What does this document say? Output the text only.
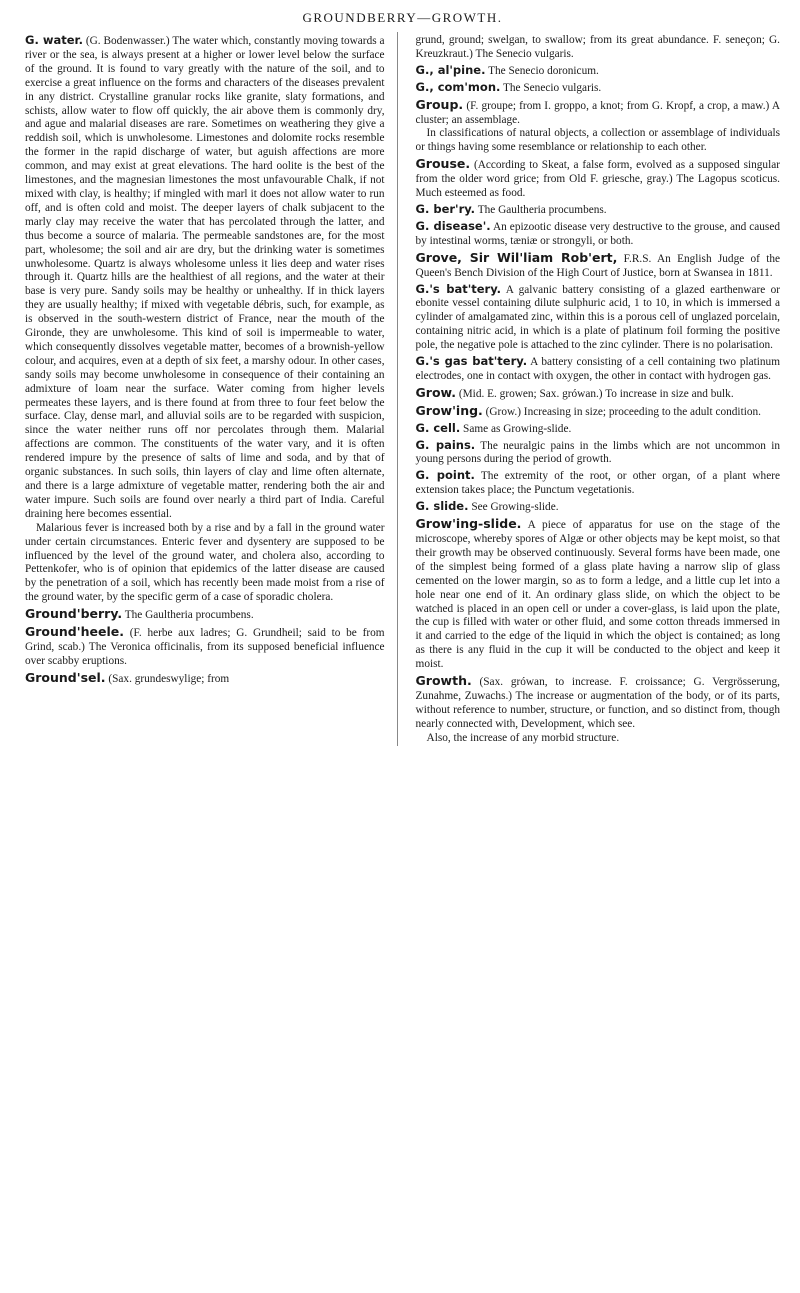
GROUNDBERRY—GROWTH.

G. water. (G. Bodenwasser.) The water which, constantly moving towards a river or the sea, is always present at a higher or lower level below the surface of the ground. It is found to vary greatly with the nature of the soil, and to exercise a great influence on the forms and characters of the diseases prevalent in any district. Crystalline granular rocks like granite, slaty formations, and schists, allow water to flow off quickly, the air above them is commonly dry, and ague and malarial diseases are rare. Sometimes on weathering they give a reddish soil, which is unwholesome. Limestones and dolomite rocks resemble the former in the rapid discharge of water, but aguish affections are more common, and may exist at great elevations. The hard oolite is the best of the limestones, and the magnesian limestones the most unfavourable Chalk, if not mixed with clay, is healthy; if mingled with marl it does not allow water to run off, and is often cold and moist. The deeper layers of chalk subjacent to the marly clay may receive the water that has percolated through the latter, and thus become a source of malaria. The permeable sandstones are, for the most part, wholesome; the soil and air are dry, but the drinking water is sometimes unwholesome. Quartz is always wholesome unless it lies deep and water rises through it. Quartz hills are the healthiest of all regions, and the water at their base is very pure. Sandy soils may be healthy or unhealthy. If in thick layers they are usually healthy; if mixed with vegetable débris, such, for example, as is observed in the south-western district of France, near the mouth of the Gironde, they are unwholesome. This kind of soil is impermeable to water, which consequently dissolves vegetable matter, becomes of a brownish-yellow colour, and acquires, even at a depth of six feet, a marshy odour. In other cases, sandy soils may become unwholesome in consequence of their containing an admixture of loam near the surface. Water coming from higher levels permeates these layers, and is there found at from three to four feet below the surface. Clay, dense marl, and alluvial soils are to be regarded with suspicion, since the water neither runs off nor percolates through them. Malarial affections are common. The constituents of the water vary, and it is often rendered impure by the presence of salts of lime and soda, and by that of organic substances. In such soils, thin layers of clay and lime often alternate, and there is a large admixture of vegetable matter, rendering both the air and water impure. Such soils are found over nearly a third part of India. Careful draining here becomes essential.

Malarious fever is increased both by a rise and by a fall in the ground water under certain circumstances. Enteric fever and dysentery are supposed to be influenced by the level of the ground water, and cholera also, according to Pettenkofer, who is of opinion that epidemics of the latter disease are caused by the penetration of a soil, which has recently been made moist from a rise of the ground water, by the specific germ of a case of sporadic cholera.

Ground'berry. The Gaultheria procumbens.

Ground'heele. (F. herbe aux ladres; G. Grundheil; said to be from Grind, scab.) The Veronica officinalis, from its supposed beneficial influence over scabby eruptions.

Ground'sel. (Sax. grundeswylige; from

grund, ground; swelgan, to swallow; from its great abundance. F. seneçon; G. Kreuzkraut.) The Senecio vulgaris.

G., al'pine. The Senecio doronicum.

G., com'mon. The Senecio vulgaris.

Group. (F. groupe; from I. groppo, a knot; from G. Kropf, a crop, a maw.) A cluster; an assemblage.

In classifications of natural objects, a collection or assemblage of individuals or things having some resemblance or relationship to each other.

Grouse. (According to Skeat, a false form, evolved as a supposed singular from the older word grice; from Old F. griesche, gray.) The Lagopus scoticus. Much esteemed as food.

G. ber'ry. The Gaultheria procumbens.

G. disease'. An epizootic disease very destructive to the grouse, and caused by intestinal worms, tæniæ or strongyli, or both.

Grove, Sir Wil'liam Rob'ert, F.R.S. An English Judge of the Queen's Bench Division of the High Court of Justice, born at Swansea in 1811.

G.'s bat'tery. A galvanic battery consisting of a glazed earthenware or ebonite vessel containing dilute sulphuric acid, 1 to 10, in which is immersed a cylinder of amalgamated zinc, within this is a porous cell of unglazed porcelain, containing nitric acid, in which is a plate of platinum foil forming the positive pole, the negative pole is attached to the zinc cylinder. There is no polarisation.

G.'s gas bat'tery. A battery consisting of a cell containing two platinum electrodes, one in contact with oxygen, the other in contact with hydrogen gas.

Grow. (Mid. E. growen; Sax. grówan.) To increase in size and bulk.

Grow'ing. (Grow.) Increasing in size; proceeding to the adult condition.

G. cell. Same as Growing-slide.

G. pains. The neuralgic pains in the limbs which are not uncommon in young persons during the period of growth.

G. point. The extremity of the root, or other organ, of a plant where extension takes place; the Punctum vegetationis.

G. slide. See Growing-slide.

Grow'ing-slide. A piece of apparatus for use on the stage of the microscope, whereby spores of Algæ or other objects may be kept moist, so that their growth may be observed continuously. Several forms have been made, one of the simplest being formed of a glass plate having a narrow slip of glass cemented on the lower margin, so as to form a ledge, and a little cup let into a hole near one end of it. An ordinary glass slide, on which the object to be watched is placed in an open cell or under a cover-glass, is laid upon the plate, the cup is filled with water or other fluid, and some cotton threads immersed in it and carried to the edge of the liquid in which the object is contained; as long as there is any fluid in the cup it will be conducted to the object and keep it moist.

Growth. (Sax. grówan, to increase. F. croissance; G. Vergrösserung, Zunahme, Zuwachs.) The increase or augmentation of the body, or of its parts, without reference to number, structure, or function, and so distinct from, though nearly connected with, Development, which see.

Also, the increase of any morbid structure.
